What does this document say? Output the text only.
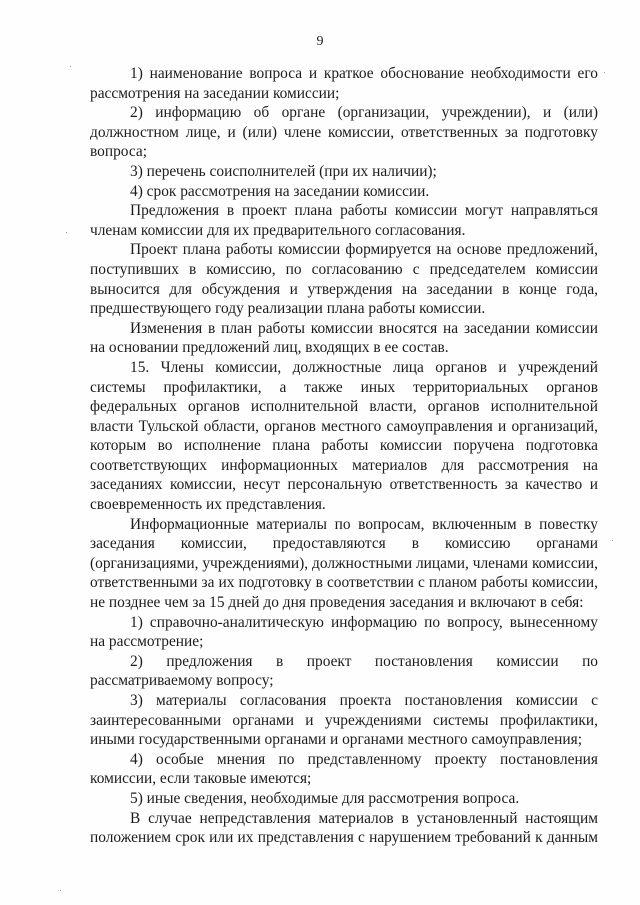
9

1) наименование вопроса и краткое обоснование необходимости его рассмотрения на заседании комиссии;

2) информацию об органе (организации, учреждении), и (или) должностном лице, и (или) члене комиссии, ответственных за подготовку вопроса;

3) перечень соисполнителей (при их наличии);

4) срок рассмотрения на заседании комиссии.

Предложения в проект плана работы комиссии могут направляться членам комиссии для их предварительного согласования.

Проект плана работы комиссии формируется на основе предложений, поступивших в комиссию, по согласованию с председателем комиссии выносится для обсуждения и утверждения на заседании в конце года, предшествующего году реализации плана работы комиссии.

Изменения в план работы комиссии вносятся на заседании комиссии на основании предложений лиц, входящих в ее состав.

15. Члены комиссии, должностные лица органов и учреждений системы профилактики, а также иных территориальных органов федеральных органов исполнительной власти, органов исполнительной власти Тульской области, органов местного самоуправления и организаций, которым во исполнение плана работы комиссии поручена подготовка соответствующих информационных материалов для рассмотрения на заседаниях комиссии, несут персональную ответственность за качество и своевременность их представления.

Информационные материалы по вопросам, включенным в повестку заседания комиссии, предоставляются в комиссию органами (организациями, учреждениями), должностными лицами, членами комиссии, ответственными за их подготовку в соответствии с планом работы комиссии, не позднее чем за 15 дней до дня проведения заседания и включают в себя:

1) справочно-аналитическую информацию по вопросу, вынесенному на рассмотрение;

2) предложения в проект постановления комиссии по рассматриваемому вопросу;

3) материалы согласования проекта постановления комиссии с заинтересованными органами и учреждениями системы профилактики, иными государственными органами и органами местного самоуправления;

4) особые мнения по представленному проекту постановления комиссии, если таковые имеются;

5) иные сведения, необходимые для рассмотрения вопроса.

В случае непредставления материалов в установленный настоящим положением срок или их представления с нарушением требований к данным
